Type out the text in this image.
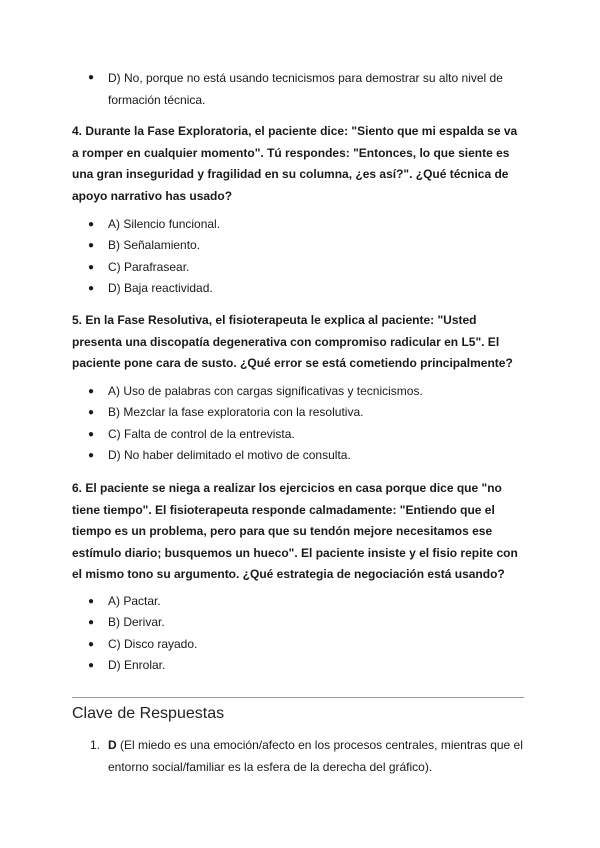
● D) No, porque no está usando tecnicismos para demostrar su alto nivel de formación técnica.

4. Durante la Fase Exploratoria, el paciente dice: "Siento que mi espalda se va a romper en cualquier momento". Tú respondes: "Entonces, lo que siente es una gran inseguridad y fragilidad en su columna, ¿es así?". ¿Qué técnica de apoyo narrativo has usado?

● A) Silencio funcional.
● B) Señalamiento.
● C) Parafrasear.
● D) Baja reactividad.

5. En la Fase Resolutiva, el fisioterapeuta le explica al paciente: "Usted presenta una discopatía degenerativa con compromiso radicular en L5". El paciente pone cara de susto. ¿Qué error se está cometiendo principalmente?

● A) Uso de palabras con cargas significativas y tecnicismos.
● B) Mezclar la fase exploratoria con la resolutiva.
● C) Falta de control de la entrevista.
● D) No haber delimitado el motivo de consulta.

6. El paciente se niega a realizar los ejercicios en casa porque dice que "no tiene tiempo". El fisioterapeuta responde calmadamente: "Entiendo que el tiempo es un problema, pero para que su tendón mejore necesitamos ese estímulo diario; busquemos un hueco". El paciente insiste y el fisio repite con el mismo tono su argumento. ¿Qué estrategia de negociación está usando?

● A) Pactar.
● B) Derivar.
● C) Disco rayado.
● D) Enrolar.
Clave de Respuestas
1. D (El miedo es una emoción/afecto en los procesos centrales, mientras que el entorno social/familiar es la esfera de la derecha del gráfico).
